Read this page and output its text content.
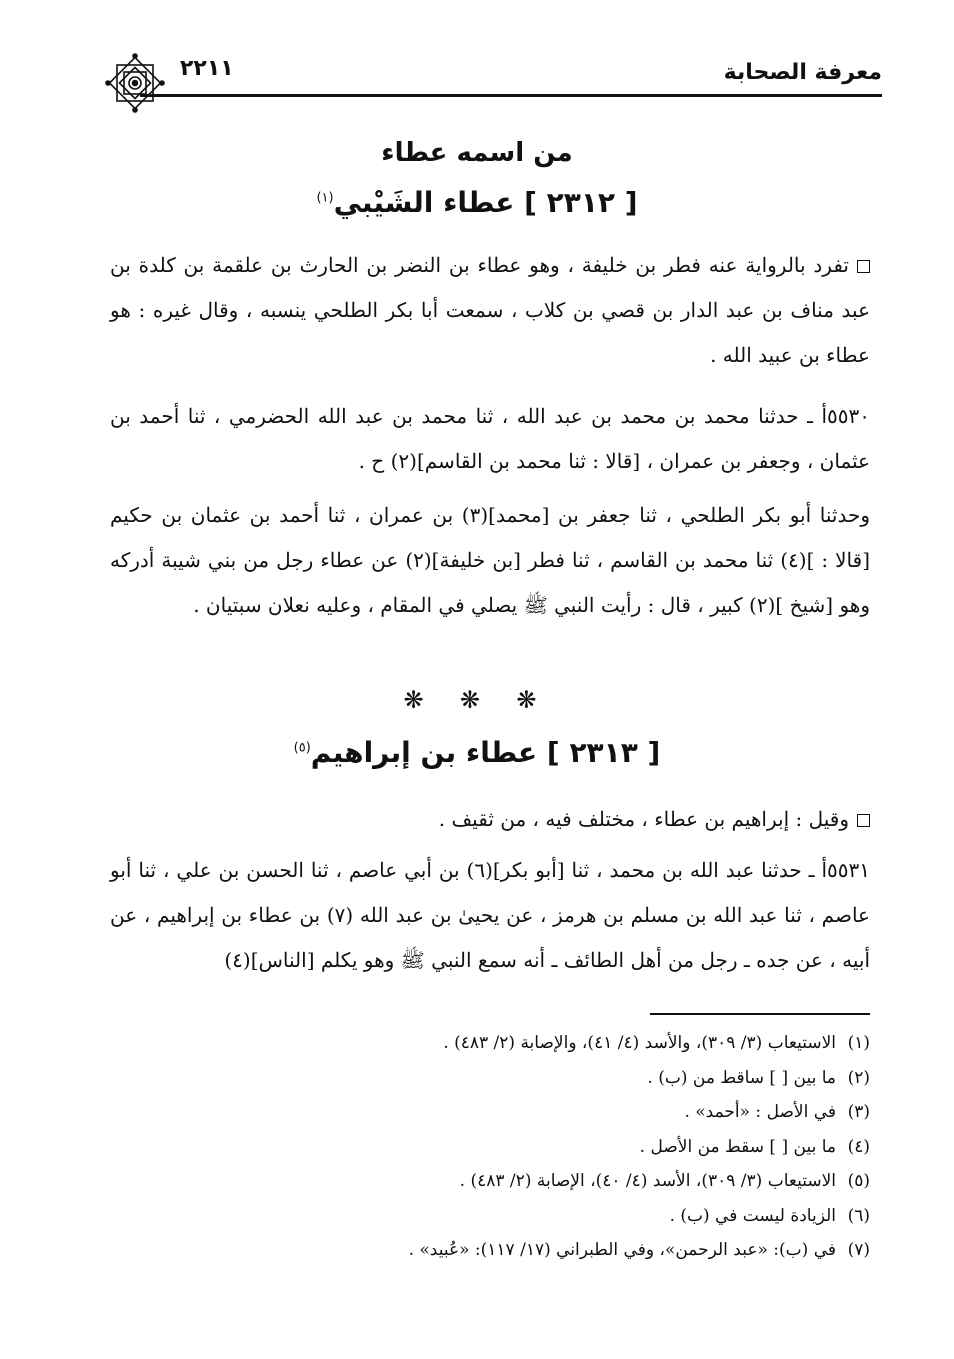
معرفة الصحابة
٢٢١١
من اسمه عطاء
[ ٢٣١٢ ] عطاء الشَيْبي$^{(١)}$
تفرد بالرواية عنه فطر بن خليفة ، وهو عطاء بن النضر بن الحارث بن علقمة بن كلدة بن عبد مناف بن عبد الدار بن قصي بن كلاب ، سمعت أبا بكر الطلحي ينسبه ، وقال غيره : هو عطاء بن عبيد الله .
٥٥٣٠أ ـ حدثنا محمد بن محمد بن عبد الله ، ثنا محمد بن عبد الله الحضرمي ، ثنا أحمد بن عثمان ، وجعفر بن عمران ، [قالا : ثنا محمد بن القاسم](٢) ح .
وحدثنا أبو بكر الطلحي ، ثنا جعفر بن [محمد](٣) بن عمران ، ثنا أحمد بن عثمان بن حكيم [قالا : ](٤) ثنا محمد بن القاسم ، ثنا فطر [بن خليفة](٢) عن عطاء رجل من بني شيبة أدركه وهو [شيخ ](٢) كبير ، قال : رأيت النبي ﷺ يصلي في المقام ، وعليه نعلان سبتيان .
❋ ❋ ❋
[ ٢٣١٣ ] عطاء بن إبراهيم$^{(٥)}$
وقيل : إبراهيم بن عطاء ، مختلف فيه ، من ثقيف .
٥٥٣١أ ـ حدثنا عبد الله بن محمد ، ثنا [أبو بكر](٦) بن أبي عاصم ، ثنا الحسن بن علي ، ثنا أبو عاصم ، ثنا عبد الله بن مسلم بن هرمز ، عن يحيىٰ بن عبد الله (٧) بن عطاء بن إبراهيم ، عن أبيه ، عن جده ـ رجل من أهل الطائف ـ أنه سمع النبي ﷺ وهو يكلم [الناس](٤)
(١)الاستيعاب (٣/ ٣٠٩)، والأسد (٤/ ٤١)، والإصابة (٢/ ٤٨٣) .
(٢)ما بين [ ] ساقط من (ب) .
(٣)في الأصل : «أحمد» .
(٤)ما بين [ ] سقط من الأصل .
(٥)الاستيعاب (٣/ ٣٠٩)، الأسد (٤/ ٤٠)، الإصابة (٢/ ٤٨٣) .
(٦)الزيادة ليست في (ب) .
(٧)في (ب): «عبد الرحمن»، وفي الطبراني (١٧/ ١١٧): «عُبيد» .
